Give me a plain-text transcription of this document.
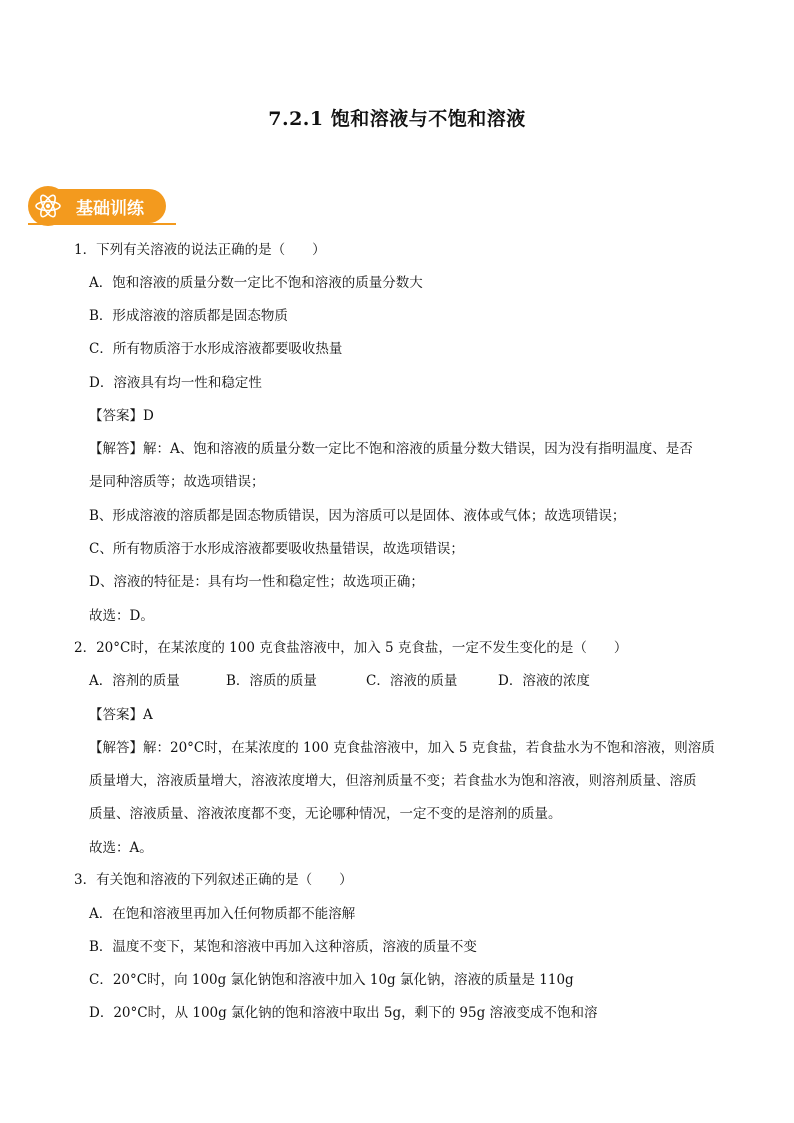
7.2.1 饱和溶液与不饱和溶液
基础训练
1．下列有关溶液的说法正确的是（　　）
A．饱和溶液的质量分数一定比不饱和溶液的质量分数大
B．形成溶液的溶质都是固态物质
C．所有物质溶于水形成溶液都要吸收热量
D．溶液具有均一性和稳定性
【答案】D
【解答】解：A、饱和溶液的质量分数一定比不饱和溶液的质量分数大错误，因为没有指明温度、是否
是同种溶质等；故选项错误；
B、形成溶液的溶质都是固态物质错误，因为溶质可以是固体、液体或气体；故选项错误；
C、所有物质溶于水形成溶液都要吸收热量错误，故选项错误；
D、溶液的特征是：具有均一性和稳定性；故选项正确；
故选：D。
2．20°C时，在某浓度的 100 克食盐溶液中，加入 5 克食盐，一定不发生变化的是（　　）
A．溶剂的质量	B．溶质的质量	C．溶液的质量	D．溶液的浓度
【答案】A
【解答】解：20°C时，在某浓度的 100 克食盐溶液中，加入 5 克食盐，若食盐水为不饱和溶液，则溶质
质量增大，溶液质量增大，溶液浓度增大，但溶剂质量不变；若食盐水为饱和溶液，则溶剂质量、溶质
质量、溶液质量、溶液浓度都不变，无论哪种情况，一定不变的是溶剂的质量。
故选：A。
3．有关饱和溶液的下列叙述正确的是（　　）
A．在饱和溶液里再加入任何物质都不能溶解
B．温度不变下，某饱和溶液中再加入这种溶质，溶液的质量不变
C．20°C时，向 100g 氯化钠饱和溶液中加入 10g 氯化钠，溶液的质量是 110g
D．20°C时，从 100g 氯化钠的饱和溶液中取出 5g，剩下的 95g 溶液变成不饱和溶
